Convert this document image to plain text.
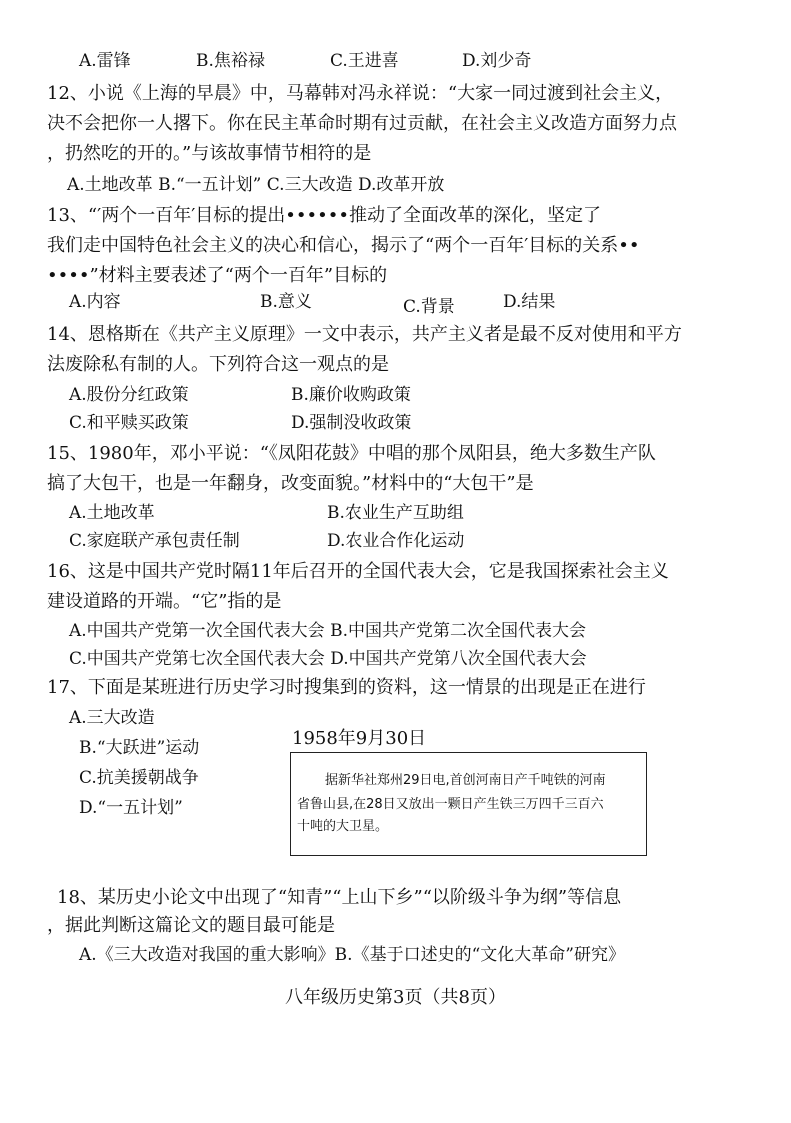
A.雷锋	B.焦裕禄	C.王进喜	D.刘少奇
12、小说《上海的早晨》中，马幕韩对冯永祥说：“大家一同过渡到社会主义，
决不会把你一人撂下。你在民主革命时期有过贡献，在社会主义改造方面努力点
，扔然吃的开的。”与该故事情节相符的是
A.土地改革 B.“一五计划” C.三大改造 D.改革开放
13、“′两个一百年′目标的提出••••••推动了全面改革的深化，坚定了
我们走中国特色社会主义的决心和信心，揭示了“两个一百年′目标的关系••
••••”材料主要表述了“两个一百年”目标的
A.内容	B.意义	C.背景	D.结果
14、恩格斯在《共产主义原理》一文中表示，共产主义者是最不反对使用和平方
法废除私有制的人。下列符合这一观点的是
A.股份分红政策	B.廉价收购政策
C.和平赎买政策	D.强制没收政策
15、1980年，邓小平说：“《凤阳花鼓》中唱的那个凤阳县，绝大多数生产队
搞了大包干，也是一年翻身，改变面貌。”材料中的“大包干”是
A.土地改革	B.农业生产互助组
C.家庭联产承包责任制	D.农业合作化运动
16、这是中国共产党时隔11年后召开的全国代表大会，它是我国探索社会主义
建设道路的开端。“它”指的是
A.中国共产党第一次全国代表大会 B.中国共产党第二次全国代表大会
C.中国共产党第七次全国代表大会 D.中国共产党第八次全国代表大会
17、下面是某班进行历史学习时搜集到的资料，这一情景的出现是正在进行
A.三大改造
B.“大跃进”运动
C.抗美援朝战争
D.“一五计划”
1958年9月30日
据新华社郑州29日电,首创河南日产千吨铁的河南
省鲁山县,在28日又放出一颗日产生铁三万四千三百六
十吨的大卫星。
18、某历史小论文中出现了“知青”“上山下乡”“以阶级斗争为纲”等信息
，据此判断这篇论文的题目最可能是
A.《三大改造对我国的重大影响》B.《基于口述史的“文化大革命”研究》
八年级历史第3页（共8页）
